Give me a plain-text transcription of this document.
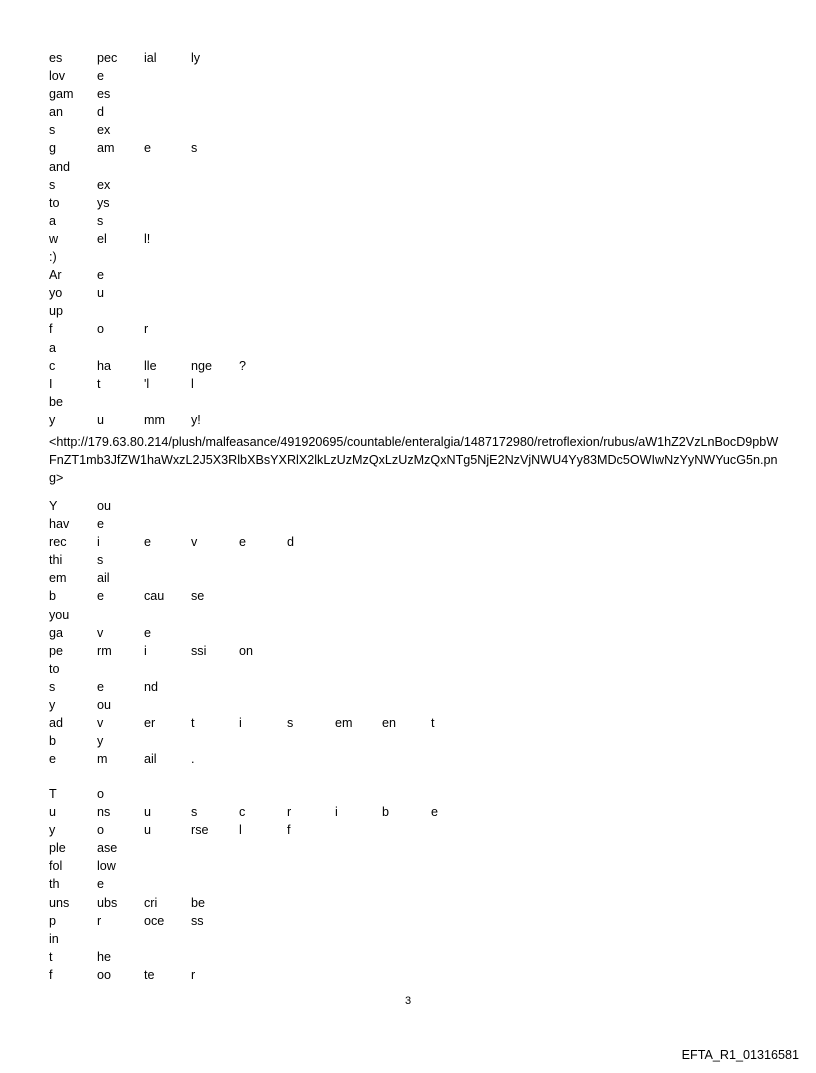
es	pec ial	ly
lov	e
gam es
an	d
s	ex
g	am e	s
and
s	ex
to	ys
a	s
w	el	l!
:)
Ar	e
yo	u
up
f	o	r
a
c	ha	lle	nge ?
I	t	'l	l
be
y	u	mm y!
<http://179.63.80.214/plush/malfeasance/491920695/countable/enteralgia/1487172980/retroflexion/rubus/aW1hZ2VzLnBocD9pbWFnZT1mb3JfZW1haWxzL2J5X3RlbXBsYXRlX2lkLzUzMzQxLzUzMzQxNTg5NjE2NzVjNWU4Yy83MDc5OWIwNzYyNWYucG5n.png>
Y	ou
hav e
rec i	e	v	e	d
thi	s
em ail
b	e	cau se
you
ga	v	e
pe	rm	i	ssi	on
to
s	e	nd
y	ou
ad	v	er	t	i	s	em en	t
b	y
e	m	ail	.
T	o
u	ns	u	s	c	r	i	b	e
y	o	u	rse l	f
ple ase
fol	low
th	e
uns ubs cri	be
p	r	oce ss
in
t	he
f	oo	te	r
3
EFTA_R1_01316581
